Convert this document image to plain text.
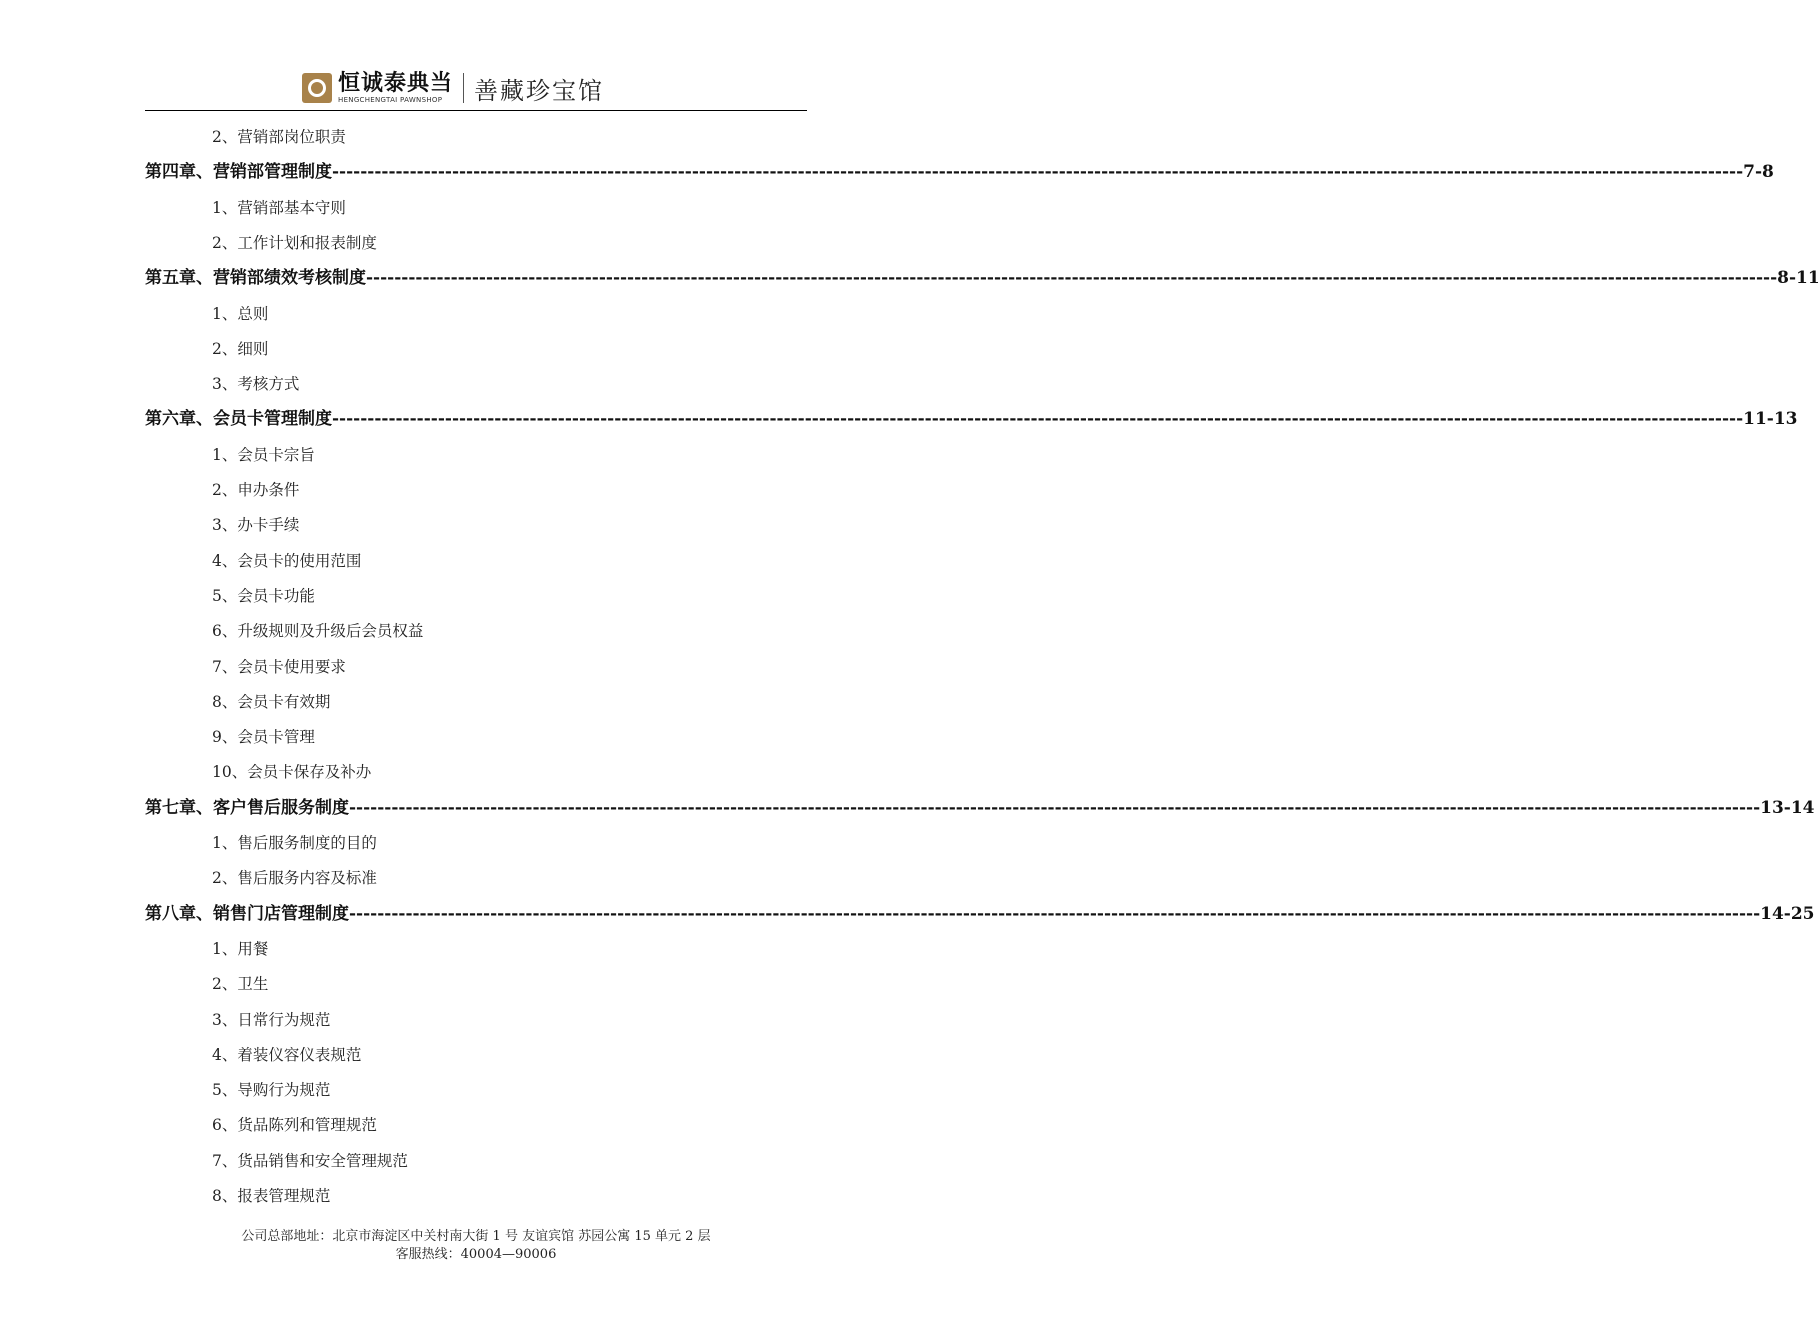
恒诚泰典当
HENGCHENGTAI PAWNSHOP	善藏珍宝馆
2、营销部岗位职责
第四章、营销部管理制度 -------------------------------------------------------------------------------------------------------------------------------------------------------------------------------------------------------- 7-8
1、营销部基本守则
2、工作计划和报表制度
第五章、营销部绩效考核制度 -------------------------------------------------------------------------------------------------------------------------------------------------------------------------------------------------------- 8-11
1、总则
2、细则
3、考核方式
第六章、会员卡管理制度 -------------------------------------------------------------------------------------------------------------------------------------------------------------------------------------------------------- 11-13
1、会员卡宗旨
2、申办条件
3、办卡手续
4、会员卡的使用范围
5、会员卡功能
6、升级规则及升级后会员权益
7、会员卡使用要求
8、会员卡有效期
9、会员卡管理
10、会员卡保存及补办
第七章、客户售后服务制度 -------------------------------------------------------------------------------------------------------------------------------------------------------------------------------------------------------- 13-14
1、售后服务制度的目的
2、售后服务内容及标准
第八章、销售门店管理制度 -------------------------------------------------------------------------------------------------------------------------------------------------------------------------------------------------------- 14-25
1、用餐
2、卫生
3、日常行为规范
4、着装仪容仪表规范
5、导购行为规范
6、货品陈列和管理规范
7、货品销售和安全管理规范
8、报表管理规范
公司总部地址：北京市海淀区中关村南大街 1 号 友谊宾馆 苏园公寓 15 单元 2 层
客服热线：40004—90006
